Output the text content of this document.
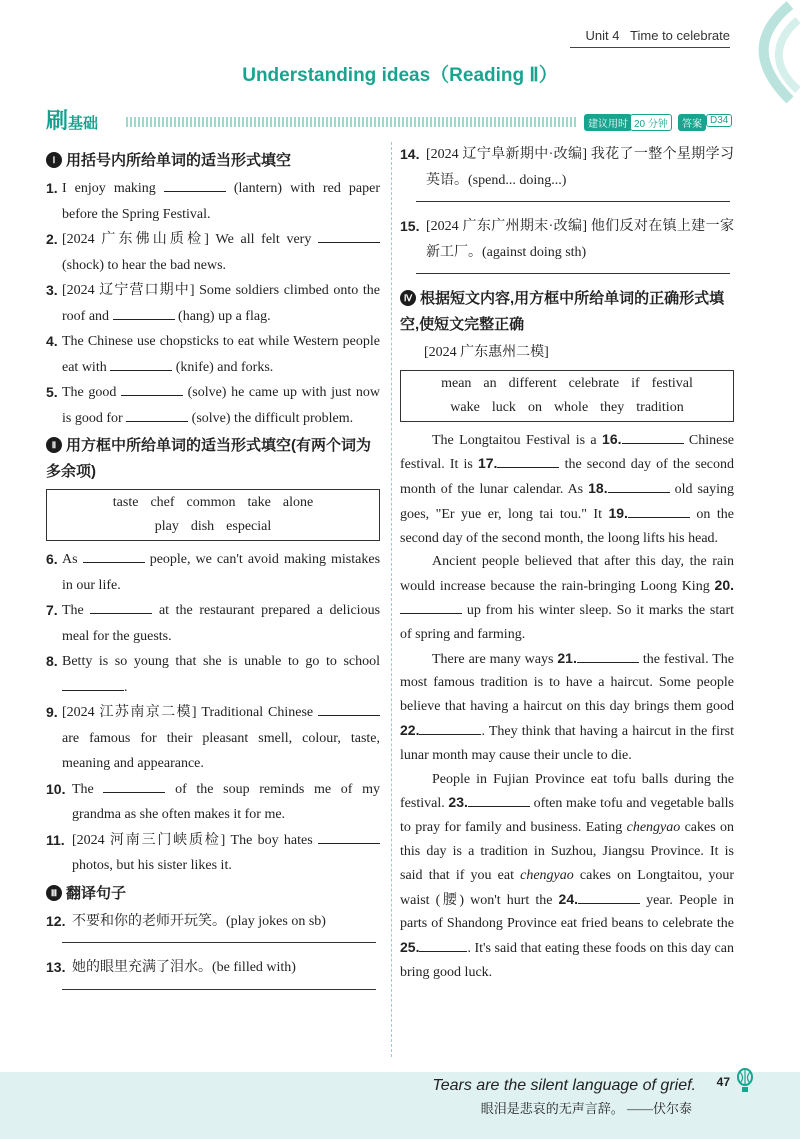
Unit 4 Time to celebrate
Understanding ideas（Reading Ⅱ）
刷基础	建议用时 20 分钟	答案 D34
Ⅰ 用括号内所给单词的适当形式填空
1. I enjoy making	(lantern) with red paper before the Spring Festival.
2. [2024 广东佛山质检] We all felt very  (shock) to hear the bad news.
3. [2024 辽宁营口期中] Some soldiers climbed onto the roof and	(hang) up a flag.
4. The Chinese use chopsticks to eat while Western people eat with	(knife) and forks.
5. The good	(solve) he came up with just now is good for	(solve) the difficult problem.
Ⅱ 用方框中所给单词的适当形式填空(有两个词为多余项)
taste chef common take alone
play dish especial
6. As	people, we can't avoid making mistakes in our life.
7. The	at the restaurant prepared a delicious meal for the guests.
8. Betty is so young that she is unable to go to school .
9. [2024 江苏南京二模] Traditional Chinese  are famous for their pleasant smell, colour, taste, meaning and appearance.
10. The	of the soup reminds me of my grandma as she often makes it for me.
11. [2024 河南三门峡质检] The boy hates  photos, but his sister likes it.
Ⅲ 翻译句子
12. 不要和你的老师开玩笑。(play jokes on sb)
13. 她的眼里充满了泪水。(be filled with)
14. [2024 辽宁阜新期中·改编] 我花了一整个星期学习英语。(spend... doing...)
15. [2024 广东广州期末·改编] 他们反对在镇上建一家新工厂。(against doing sth)
Ⅳ 根据短文内容,用方框中所给单词的正确形式填空,使短文完整正确
[2024 广东惠州二模]
mean an different celebrate if festival
wake luck on whole they tradition

The Longtaitou Festival is a 16.	Chinese festival. It is 17.	the second day of the second month of the lunar calendar. As 18.	old saying goes, "Er yue er, long tai tou." It 19.	on the second day of the second month, the loong lifts his head.

Ancient people believed that after this day, the rain would increase because the rain-bringing Loong King 20. up from his winter sleep. So it marks the start of spring and farming.

There are many ways 21.	the festival. The most famous tradition is to have a haircut. Some people believe that having a haircut on this day brings them good 22.	. They think that having a haircut in the first lunar month may cause their uncle to die.

People in Fujian Province eat tofu balls during the festival. 23.	often make tofu and vegetable balls to pray for family and business. Eating chengyao cakes on this day is a tradition in Suzhou, Jiangsu Province. It is said that if you eat chengyao cakes on Longtaitou, your waist (腰) won't hurt the 24.	year. People in parts of Shandong Province eat fried beans to celebrate the 25.	. It's said that eating these foods on this day can bring good luck.

Tears are the silent language of grief.
眼泪是悲哀的无声言辞。 ——伏尔泰
47
